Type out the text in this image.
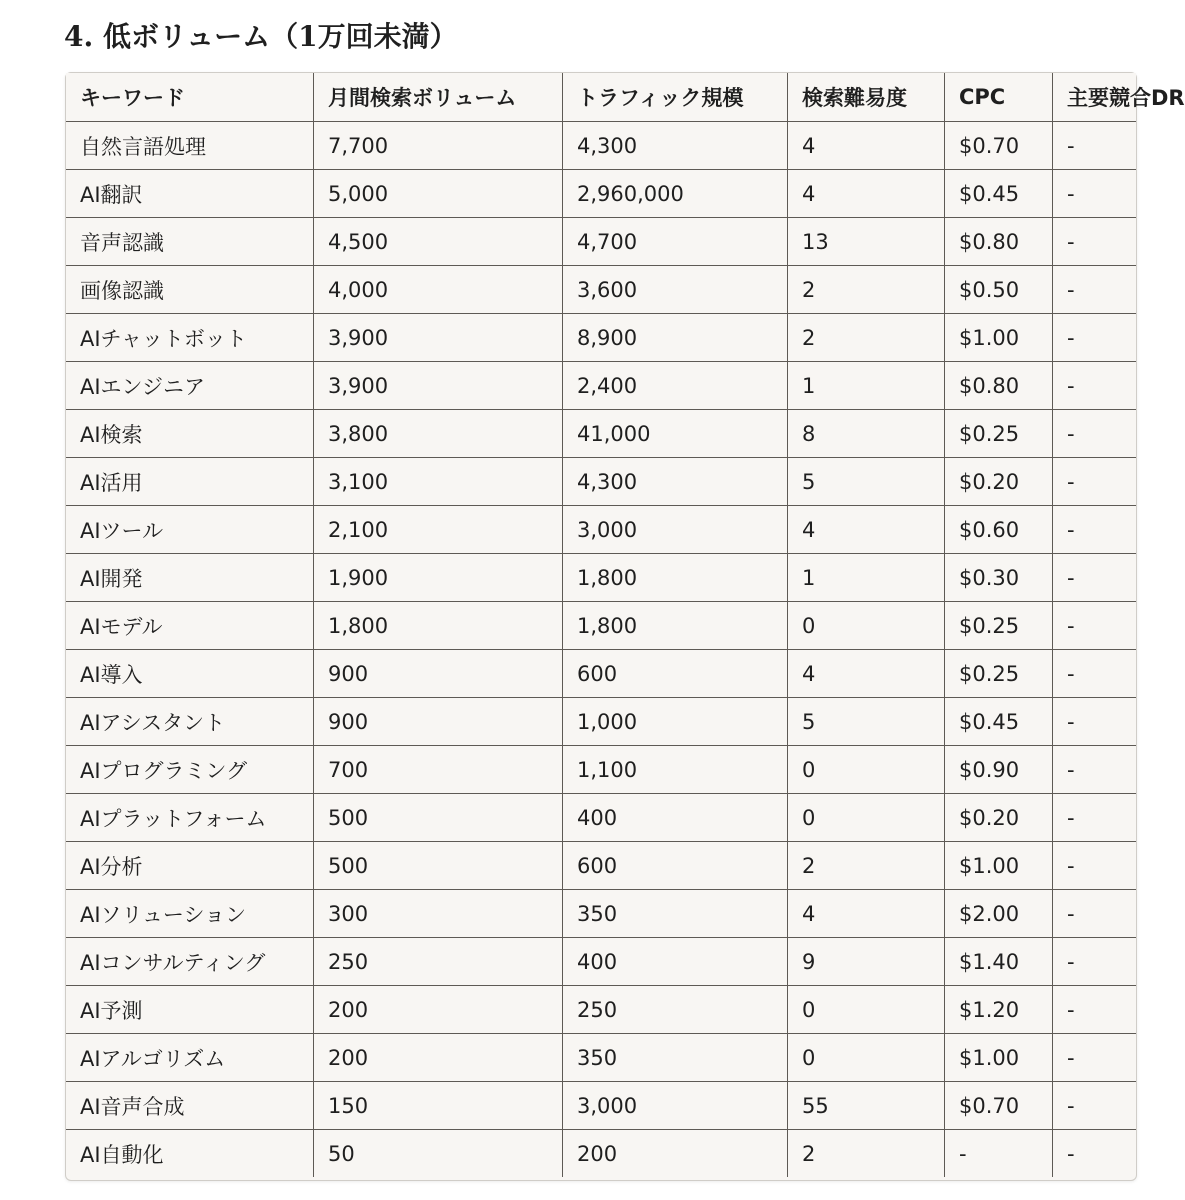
4. 低ボリューム（1万回未満）
キーワード	月間検索ボリューム	トラフィック規模	検索難易度	CPC	主要競合DR
自然言語処理	7,700	4,300	4	$0.70	-
AI翻訳	5,000	2,960,000	4	$0.45	-
音声認識	4,500	4,700	13	$0.80	-
画像認識	4,000	3,600	2	$0.50	-
AIチャットボット	3,900	8,900	2	$1.00	-
AIエンジニア	3,900	2,400	1	$0.80	-
AI検索	3,800	41,000	8	$0.25	-
AI活用	3,100	4,300	5	$0.20	-
AIツール	2,100	3,000	4	$0.60	-
AI開発	1,900	1,800	1	$0.30	-
AIモデル	1,800	1,800	0	$0.25	-
AI導入	900	600	4	$0.25	-
AIアシスタント	900	1,000	5	$0.45	-
AIプログラミング	700	1,100	0	$0.90	-
AIプラットフォーム	500	400	0	$0.20	-
AI分析	500	600	2	$1.00	-
AIソリューション	300	350	4	$2.00	-
AIコンサルティング	250	400	9	$1.40	-
AI予測	200	250	0	$1.20	-
AIアルゴリズム	200	350	0	$1.00	-
AI音声合成	150	3,000	55	$0.70	-
AI自動化	50	200	2	-	-
